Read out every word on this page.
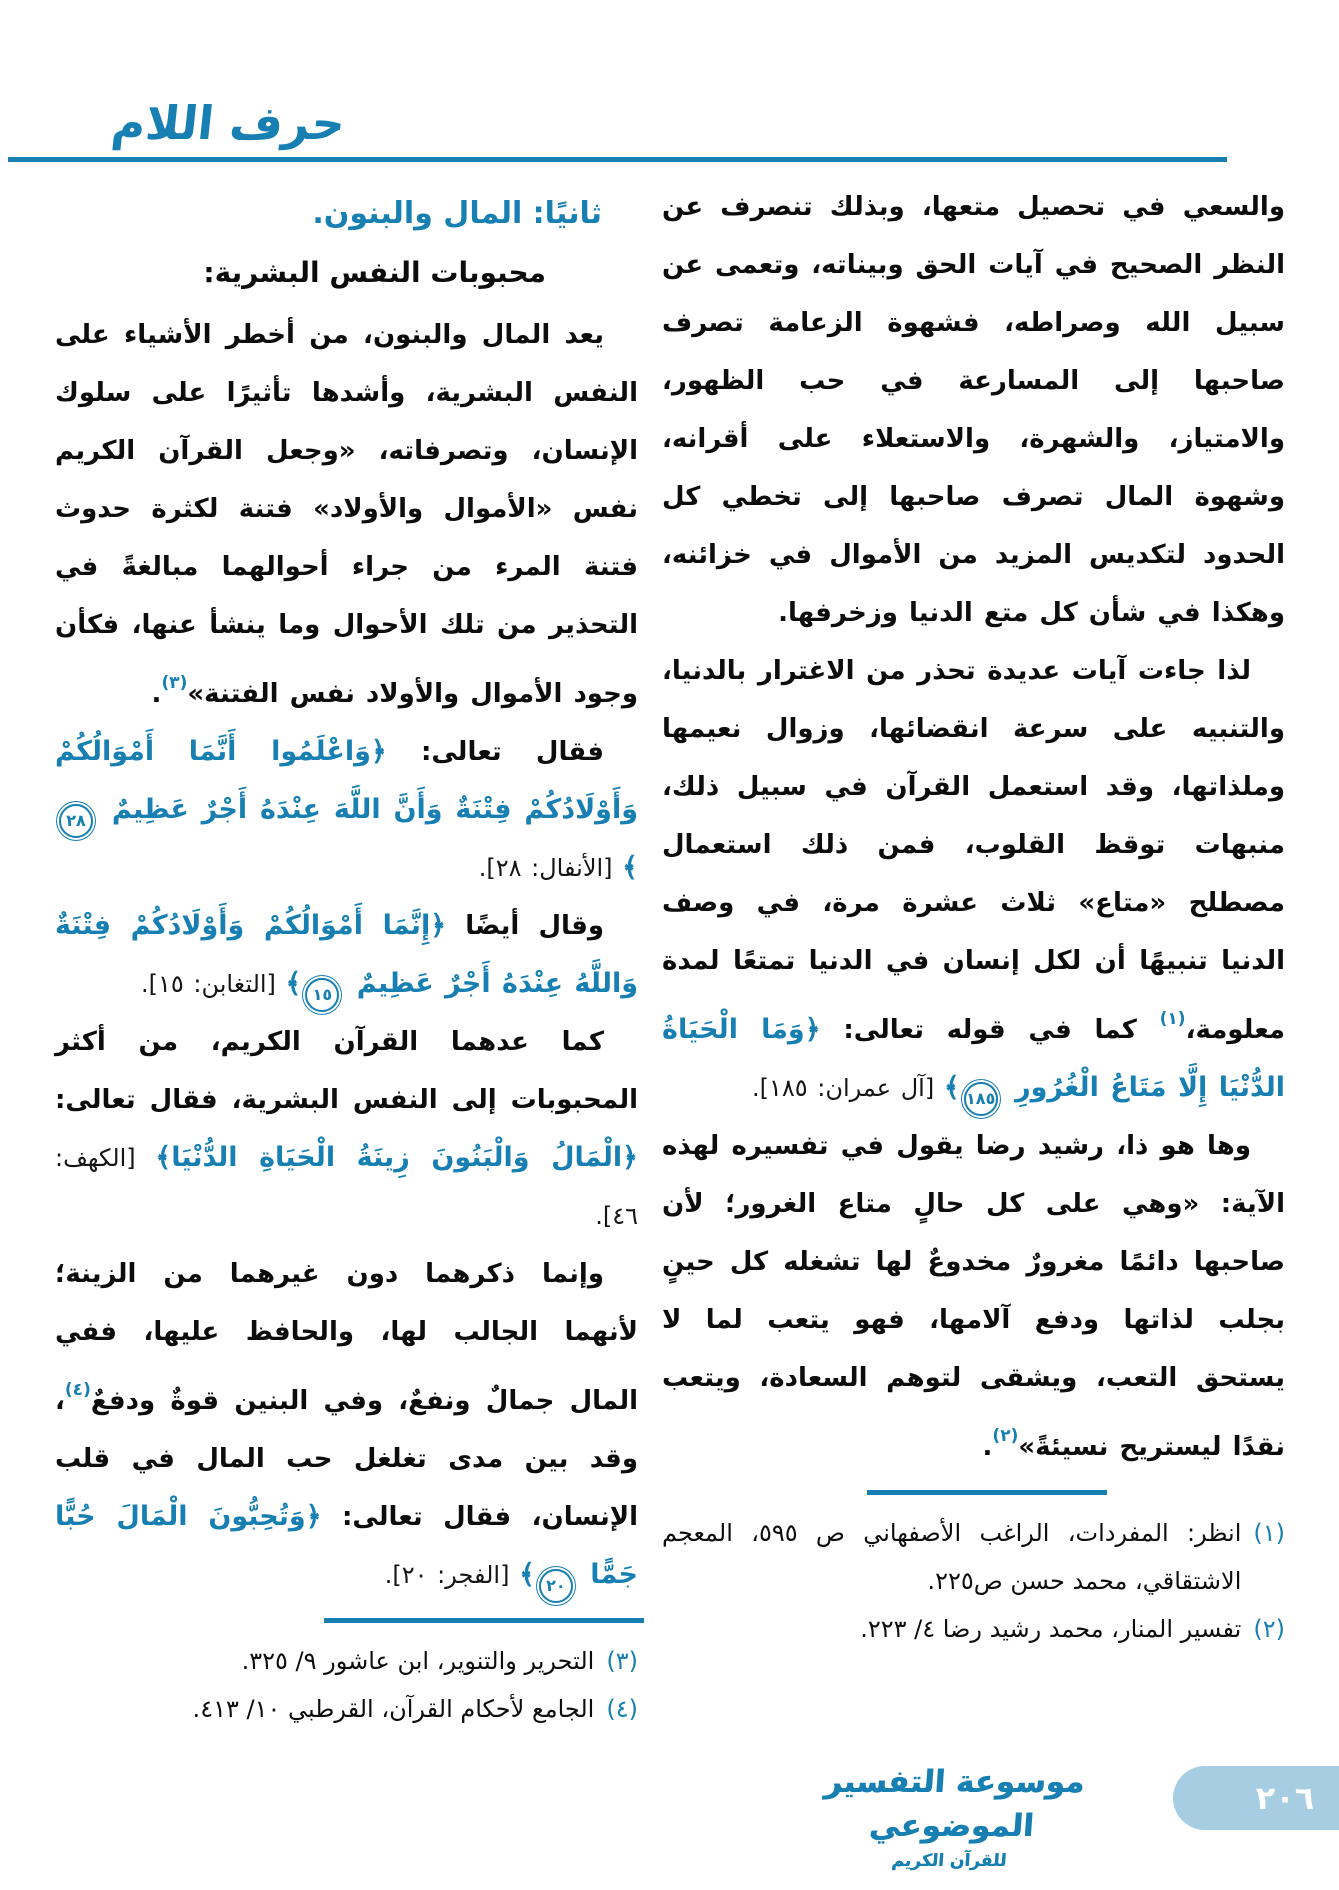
حرف اللام

والسعي في تحصيل متعها، وبذلك تنصرف عن النظر الصحيح في آيات الحق وبيناته، وتعمى عن سبيل الله وصراطه، فشهوة الزعامة تصرف صاحبها إلى المسارعة في حب الظهور، والامتياز، والشهرة، والاستعلاء على أقرانه، وشهوة المال تصرف صاحبها إلى تخطي كل الحدود لتكديس المزيد من الأموال في خزائنه، وهكذا في شأن كل متع الدنيا وزخرفها.

لذا جاءت آيات عديدة تحذر من الاغترار بالدنيا، والتنبيه على سرعة انقضائها، وزوال نعيمها وملذاتها، وقد استعمل القرآن في سبيل ذلك، منبهات توقظ القلوب، فمن ذلك استعمال مصطلح «متاع» ثلاث عشرة مرة، في وصف الدنيا تنبيهًا أن لكل إنسان في الدنيا تمتعًا لمدة معلومة،$^{(١)}$ كما في قوله تعالى: ﴿وَمَا الْحَيَاةُ الدُّنْيَا إِلَّا مَتَاعُ الْغُرُورِ ١٨٥﴾ [آل عمران: ١٨٥].

وها هو ذا، رشيد رضا يقول في تفسيره لهذه الآية: «وهي على كل حالٍ متاع الغرور؛ لأن صاحبها دائمًا مغرورٌ مخدوعٌ لها تشغله كل حينٍ بجلب لذاتها ودفع آلامها، فهو يتعب لما لا يستحق التعب، ويشقى لتوهم السعادة، ويتعب نقدًا ليستريح نسيئةً»$^{(٢)}$.

(١)
انظر: المفردات، الراغب الأصفهاني ص ٥٩٥، المعجم الاشتقاقي، محمد حسن ص٢٢٥.
(٢)
تفسير المنار، محمد رشيد رضا ٤/ ٢٢٣.
ثانيًا: المال والبنون.
محبوبات النفس البشرية:

يعد المال والبنون، من أخطر الأشياء على النفس البشرية، وأشدها تأثيرًا على سلوك الإنسان، وتصرفاته، «وجعل القرآن الكريم نفس «الأموال والأولاد» فتنة لكثرة حدوث فتنة المرء من جراء أحوالهما مبالغةً في التحذير من تلك الأحوال وما ينشأ عنها، فكأن وجود الأموال والأولاد نفس الفتنة»$^{(٣)}$.

فقال تعالى: ﴿وَاعْلَمُوا أَنَّمَا أَمْوَالُكُمْ وَأَوْلَادُكُمْ فِتْنَةٌ وَأَنَّ اللَّهَ عِنْدَهُ أَجْرٌ عَظِيمٌ ٢٨﴾ [الأنفال: ٢٨].

وقال أيضًا ﴿إِنَّمَا أَمْوَالُكُمْ وَأَوْلَادُكُمْ فِتْنَةٌ وَاللَّهُ عِنْدَهُ أَجْرٌ عَظِيمٌ ١٥﴾ [التغابن: ١٥].

كما عدهما القرآن الكريم، من أكثر المحبوبات إلى النفس البشرية، فقال تعالى: ﴿الْمَالُ وَالْبَنُونَ زِينَةُ الْحَيَاةِ الدُّنْيَا﴾ [الكهف: ٤٦].

وإنما ذكرهما دون غيرهما من الزينة؛ لأنهما الجالب لها، والحافظ عليها، ففي المال جمالٌ ونفعٌ، وفي البنين قوةٌ ودفعٌ$^{(٤)}$، وقد بين مدى تغلغل حب المال في قلب الإنسان، فقال تعالى: ﴿وَتُحِبُّونَ الْمَالَ حُبًّا جَمًّا ٢٠﴾ [الفجر: ٢٠].

(٣)
التحرير والتنوير، ابن عاشور ٩/ ٣٢٥.
(٤)
الجامع لأحكام القرآن، القرطبي ١٠/ ٤١٣.
موسوعة التفسير الموضوعي
للقرآن الكريم
٢٠٦
